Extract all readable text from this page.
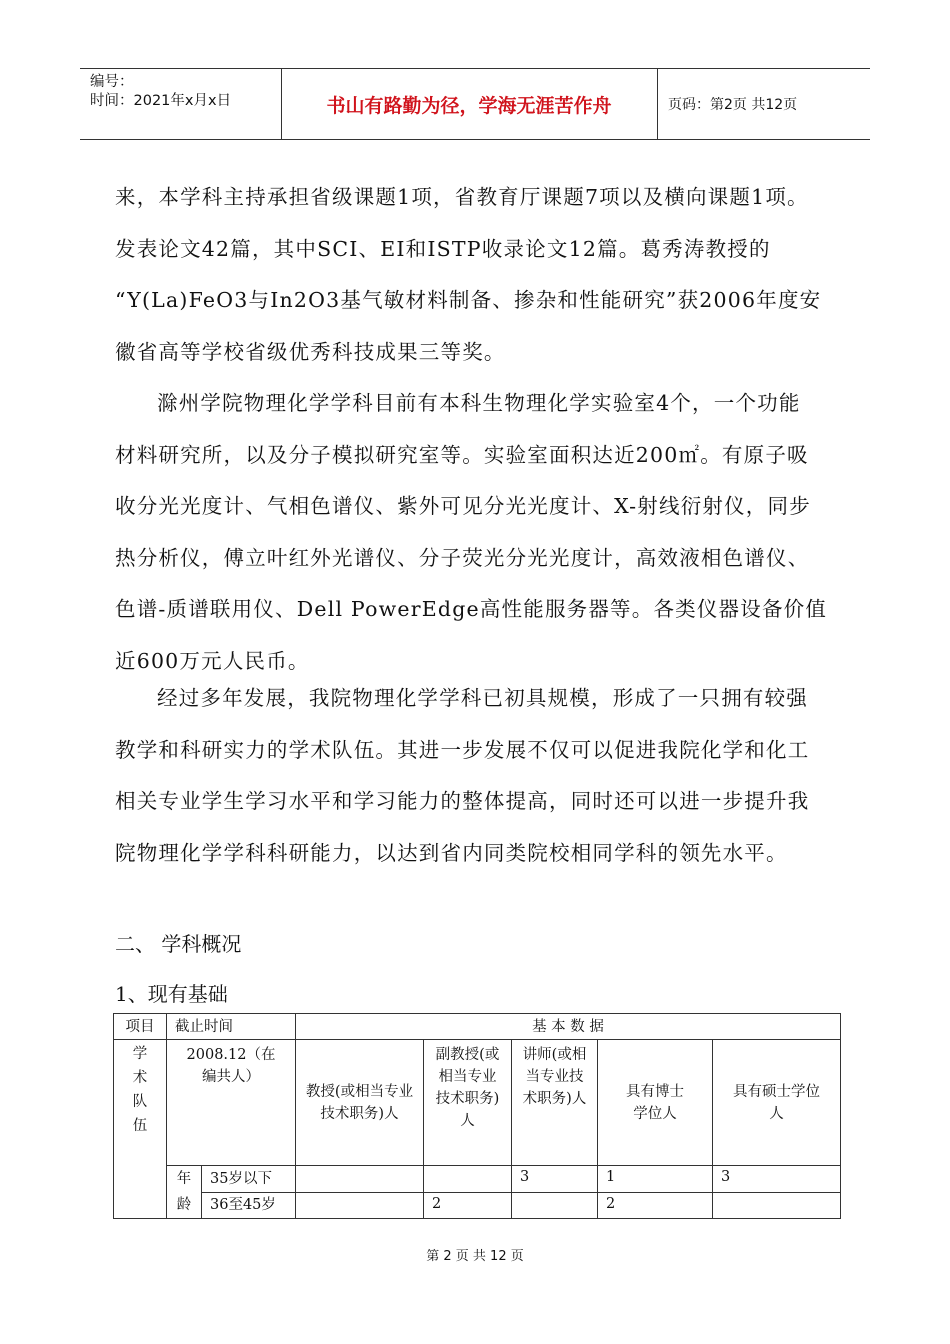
编号：
时间：2021年x月x日	书山有路勤为径，学海无涯苦作舟	页码：第2页 共12页
来，本学科主持承担省级课题1项，省教育厅课题7项以及横向课题1项。
发表论文42篇，其中SCI、EI和ISTP收录论文12篇。葛秀涛教授的
“Y(La)FeO3与In2O3基气敏材料制备、掺杂和性能研究”获2006年度安
徽省高等学校省级优秀科技成果三等奖。
滁州学院物理化学学科目前有本科生物理化学实验室4个，一个功能
材料研究所，以及分子模拟研究室等。实验室面积达近200㎡。有原子吸
收分光光度计、气相色谱仪、紫外可见分光光度计、X-射线衍射仪，同步
热分析仪，傅立叶红外光谱仪、分子荧光分光光度计，高效液相色谱仪、
色谱-质谱联用仪、Dell PowerEdge高性能服务器等。各类仪器设备价值
近600万元人民币。
经过多年发展，我院物理化学学科已初具规模，形成了一只拥有较强
教学和科研实力的学术队伍。其进一步发展不仅可以促进我院化学和化工
相关专业学生学习水平和学习能力的整体提高，同时还可以进一步提升我
院物理化学学科科研能力，以达到省内同类院校相同学科的领先水平。
二、 学科概况
1、现有基础
项目	截止时间		基 本 数 据				
学术队伍	2008.12（在编共人）		教授(或相当专业技术职务)人	副教授(或相当专业技术职务)人	讲师(或相当专业技术职务)人	具有博士学位人	具有硕士学位 人

	年龄	35岁以下			3	1	3
		36至45岁		2		2	
第 2 页 共 12 页
